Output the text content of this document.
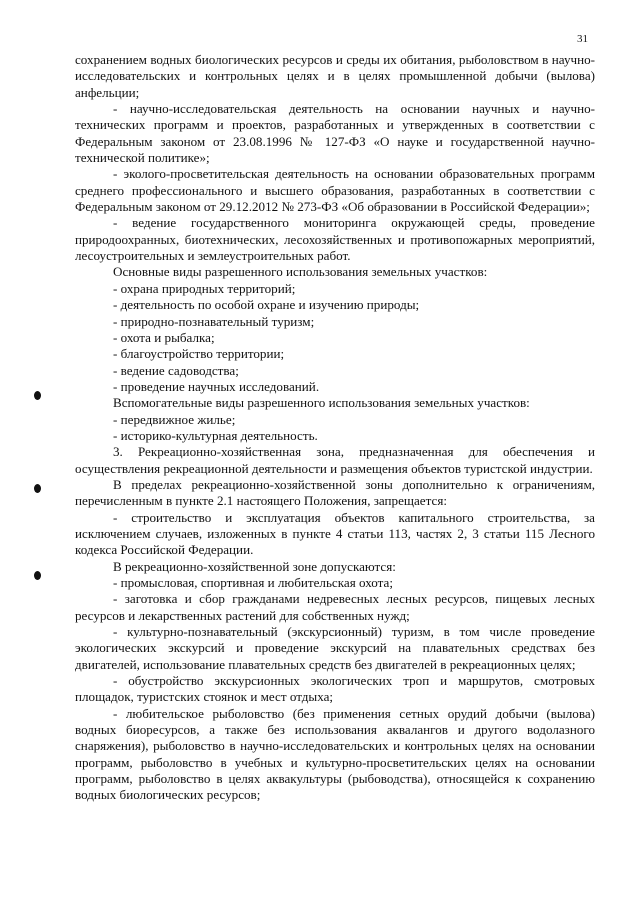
31

сохранением водных биологических ресурсов и среды их обитания, рыболовством в научно-исследовательских и контрольных целях и в целях промышленной добычи (вылова) анфельции;

- научно-исследовательская деятельность на основании научных и научно-технических программ и проектов, разработанных и утвержденных в соответствии с Федеральным законом от 23.08.1996 № 127-ФЗ «О науке и государственной научно-технической политике»;

- эколого-просветительская деятельность на основании образовательных программ среднего профессионального и высшего образования, разработанных в соответствии с Федеральным законом от 29.12.2012 № 273-ФЗ «Об образовании в Российской Федерации»;

- ведение государственного мониторинга окружающей среды, проведение природоохранных, биотехнических, лесохозяйственных и противопожарных мероприятий, лесоустроительных и землеустроительных работ.

Основные виды разрешенного использования земельных участков:

- охрана природных территорий;

- деятельность по особой охране и изучению природы;

- природно-познавательный туризм;

- охота и рыбалка;

- благоустройство территории;

- ведение садоводства;

- проведение научных исследований.

Вспомогательные виды разрешенного использования земельных участков:

- передвижное жилье;

- историко-культурная деятельность.

3. Рекреационно-хозяйственная зона, предназначенная для обеспечения и осуществления рекреационной деятельности и размещения объектов туристской индустрии.

В пределах рекреационно-хозяйственной зоны дополнительно к ограничениям, перечисленным в пункте 2.1 настоящего Положения, запрещается:

- строительство и эксплуатация объектов капитального строительства, за исключением случаев, изложенных в пункте 4 статьи 113, частях 2, 3 статьи 115 Лесного кодекса Российской Федерации.

В рекреационно-хозяйственной зоне допускаются:

- промысловая, спортивная и любительская охота;

- заготовка и сбор гражданами недревесных лесных ресурсов, пищевых лесных ресурсов и лекарственных растений для собственных нужд;

- культурно-познавательный (экскурсионный) туризм, в том числе проведение экологических экскурсий и проведение экскурсий на плавательных средствах без двигателей, использование плавательных средств без двигателей в рекреационных целях;

- обустройство экскурсионных экологических троп и маршрутов, смотровых площадок, туристских стоянок и мест отдыха;

- любительское рыболовство (без применения сетных орудий добычи (вылова) водных биоресурсов, а также без использования аквалангов и другого водолазного снаряжения), рыболовство в научно-исследовательских и контрольных целях на основании программ, рыболовство в учебных и культурно-просветительских целях на основании программ, рыболовство в целях аквакультуры (рыбоводства), относящейся к сохранению водных биологических ресурсов;
